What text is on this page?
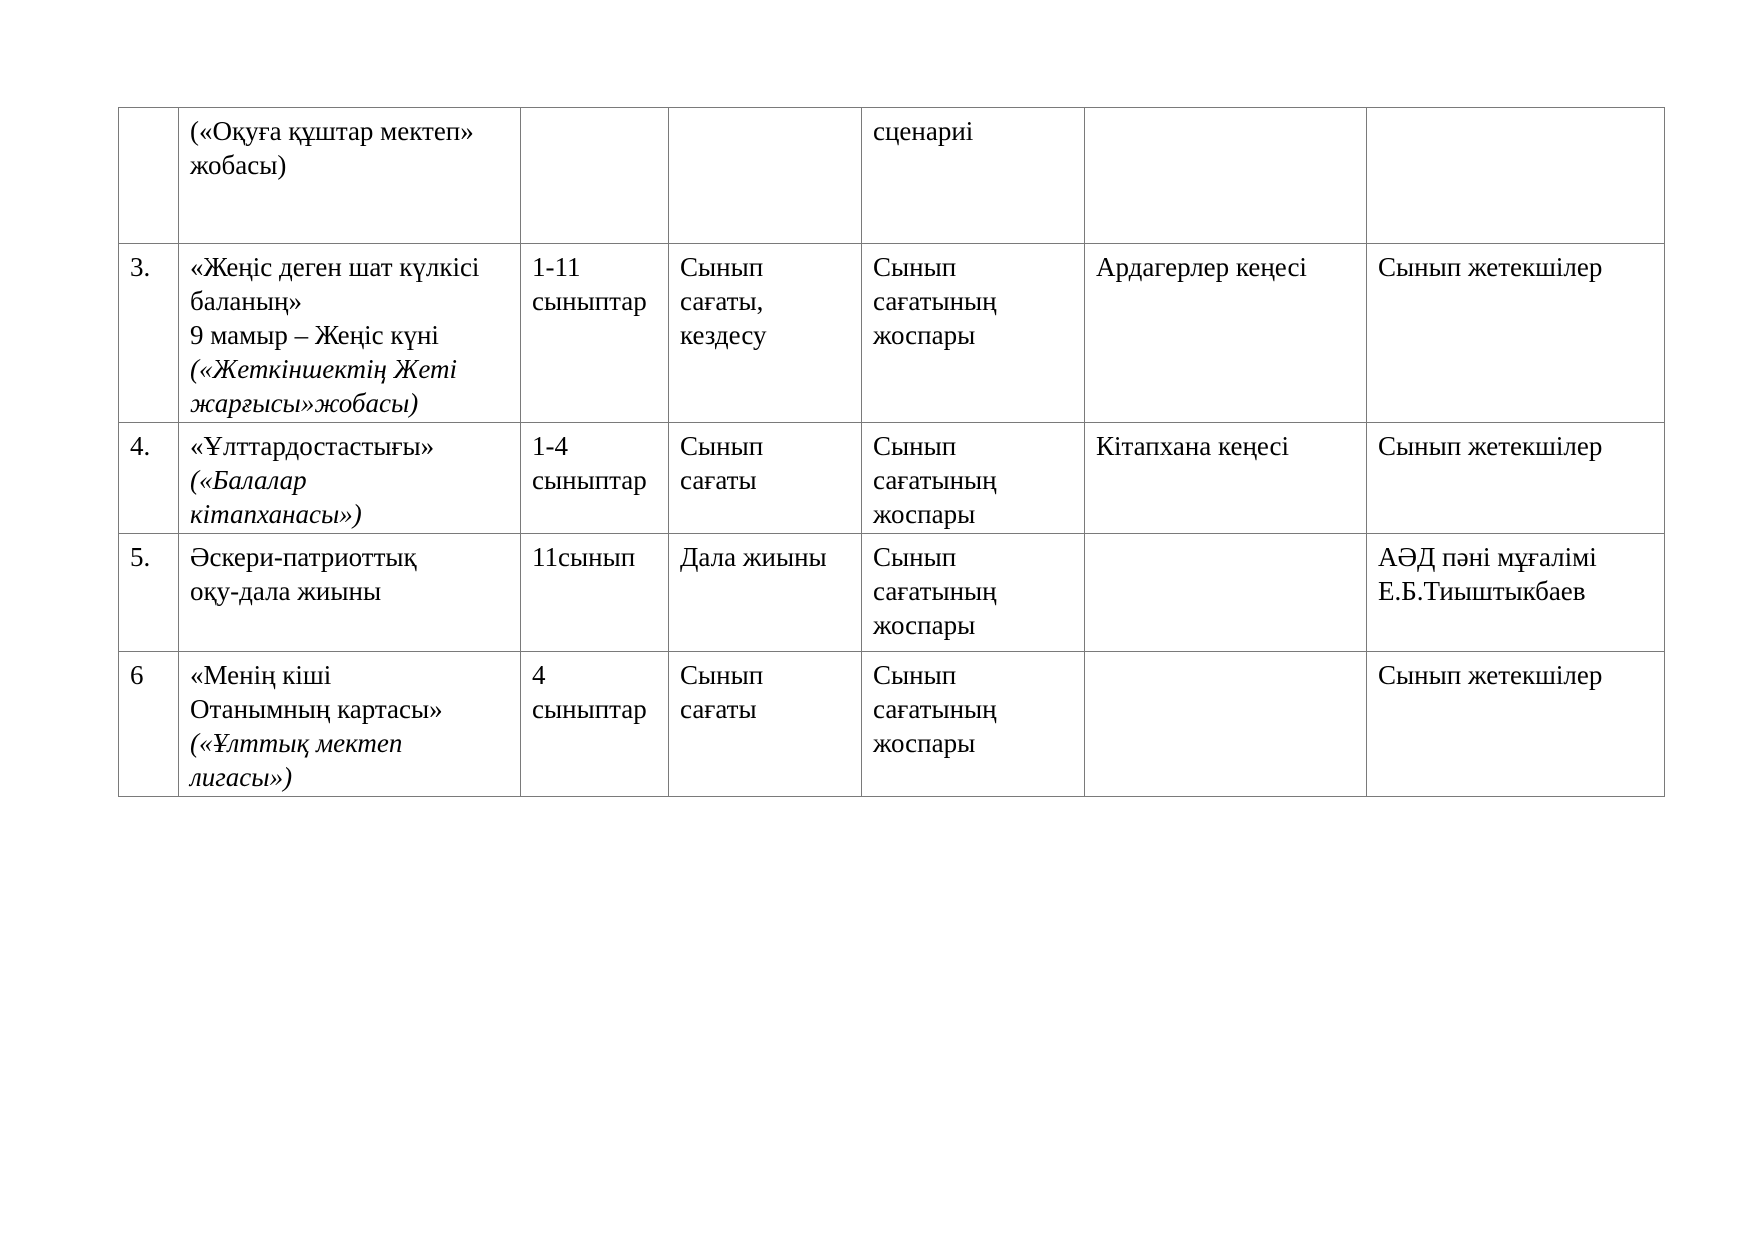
	(«Оқуға құштар мектеп»
жобасы)			сценариі		

3.	«Жеңіс деген шат күлкісі
баланың»
9 мамыр – Жеңіс күні
(«Жеткіншектің Жеті
жарғысы»жобасы)	1-11
сыныптар	Сынып
сағаты,
кездесу	Сынып
сағатының
жоспары	Ардагерлер кеңесі	Сынып жетекшілер

4.	«Ұлттардостастығы»
(«Балалар
кітапханасы»)	1-4
сыныптар	Сынып
сағаты	Сынып
сағатының
жоспары	Кітапхана кеңесі	Сынып жетекшілер

5.	Әскери-патриоттық
оқу-дала жиыны	11сынып	Дала жиыны	Сынып
сағатының
жоспары		АӘД пәні мұғалімі
Е.Б.Тиыштыкбаев

6	«Менің кіші
Отанымның картасы»
(«Ұлттық мектеп
лигасы»)	4
сыныптар	Сынып
сағаты	Сынып
сағатының
жоспары		Сынып жетекшілер
